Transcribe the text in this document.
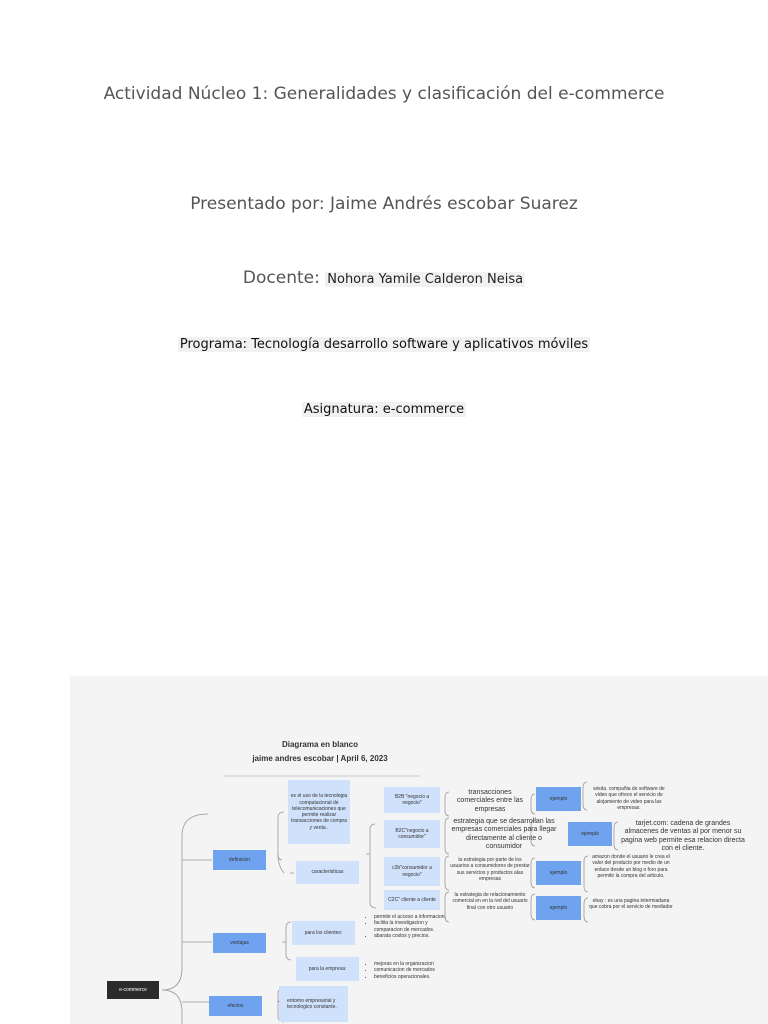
Actividad Núcleo 1: Generalidades y clasificación del e-commerce
Presentado por: Jaime Andrés escobar Suarez
Docente: Nohora Yamile Calderon Neisa
Programa: Tecnología desarrollo software y aplicativos móviles
Asignatura: e-commerce
Diagrama en blanco
jaime andres escobar | April 6, 2023
e-commerce
definicion
ventajas
efectos
es el uso de la tecnologia computacional de telecomunicaciones que permite realizar transacciones de compra y venta .
caracteristicas
B2B "negocio a negocio"
B2C"negocio a consumidor"
c2b"consumidor a negocio"
C2C" cliente a cliente
transacciones comerciales entre las empresas
estrategia que se desarrollan las empresas comerciales para llegar directamente al cliente o consumidor
la estrategia por parte de los usuarios a consumidores de prestar sus servicios y productos alas empresas
la estrategia de relacionamiento comercial en en la red del usuario final con otro usuario
ejemplo
ejemplo
ejemplo
ejemplo
wixda. compañia de software de video que ofrece el servicio de alojamiento de video para las empresas.
tarjet.com: cadena de grandes almacenes de ventas al por menor su pagina web permite esa relacion directa con el cliente.
amazon donde el usuario le crea el valor del producto por medio de un enlace desde un blog o foro para permitir la compra del articulo.
ebay : es una pagina intermiadana que cobra por el servicio de mediador
para los clientes:
para la empresa:
• permite el acceso a informacion.
• facilita la investigacion y comparacion de mercados.
• abarata costos y precios.
• mejoras en la organizacion
• comunicacion de mercados
• beneficios operacionales.
• entorno empresarial y tecnologico constante.
